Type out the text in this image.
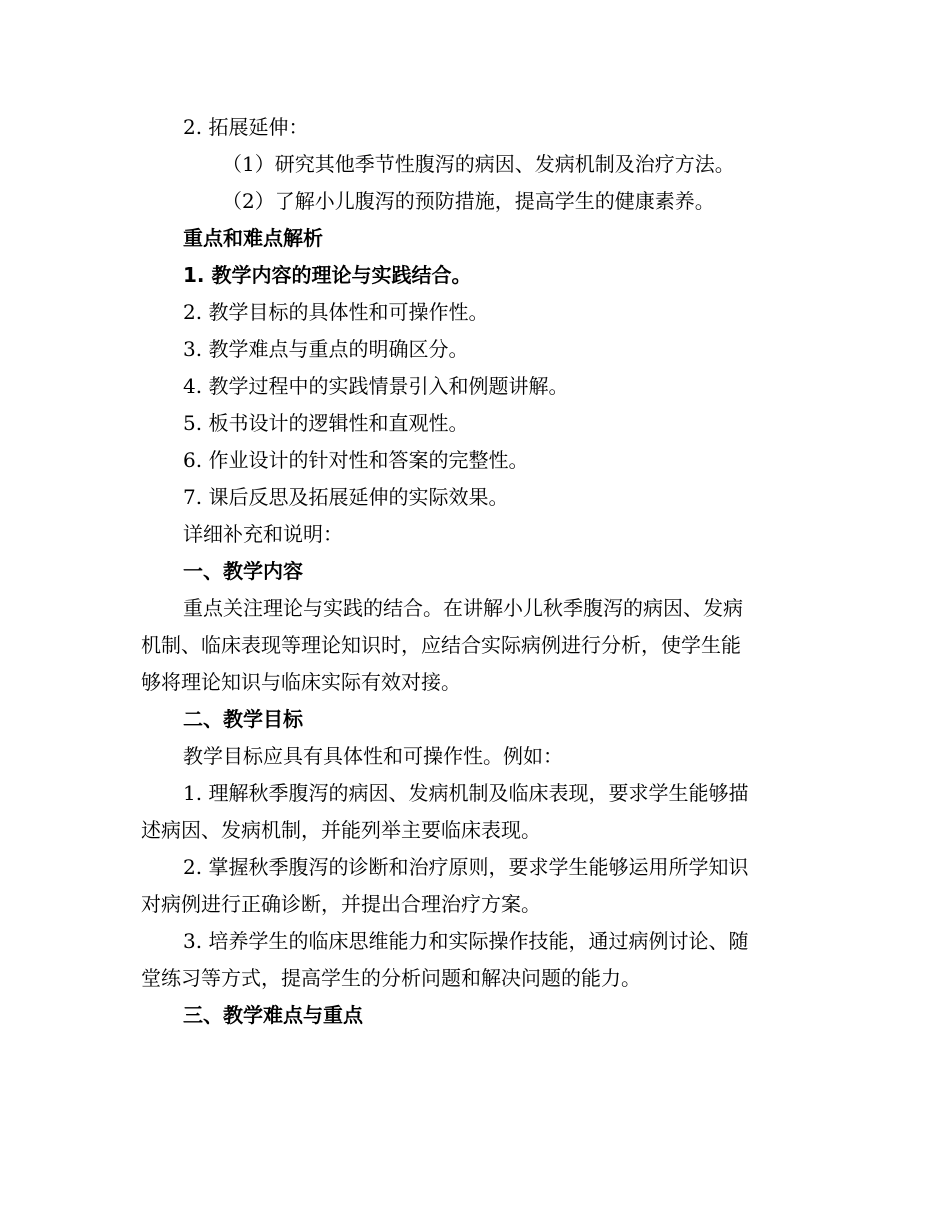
2. 拓展延伸：
（1）研究其他季节性腹泻的病因、发病机制及治疗方法。
（2）了解小儿腹泻的预防措施，提高学生的健康素养。
重点和难点解析
1. 教学内容的理论与实践结合。
2. 教学目标的具体性和可操作性。
3. 教学难点与重点的明确区分。
4. 教学过程中的实践情景引入和例题讲解。
5. 板书设计的逻辑性和直观性。
6. 作业设计的针对性和答案的完整性。
7. 课后反思及拓展延伸的实际效果。
详细补充和说明：
一、教学内容
重点关注理论与实践的结合。在讲解小儿秋季腹泻的病因、发病
机制、临床表现等理论知识时，应结合实际病例进行分析，使学生能
够将理论知识与临床实际有效对接。
二、教学目标
教学目标应具有具体性和可操作性。例如：
1. 理解秋季腹泻的病因、发病机制及临床表现，要求学生能够描
述病因、发病机制，并能列举主要临床表现。
2. 掌握秋季腹泻的诊断和治疗原则，要求学生能够运用所学知识
对病例进行正确诊断，并提出合理治疗方案。
3. 培养学生的临床思维能力和实际操作技能，通过病例讨论、随
堂练习等方式，提高学生的分析问题和解决问题的能力。
三、教学难点与重点
